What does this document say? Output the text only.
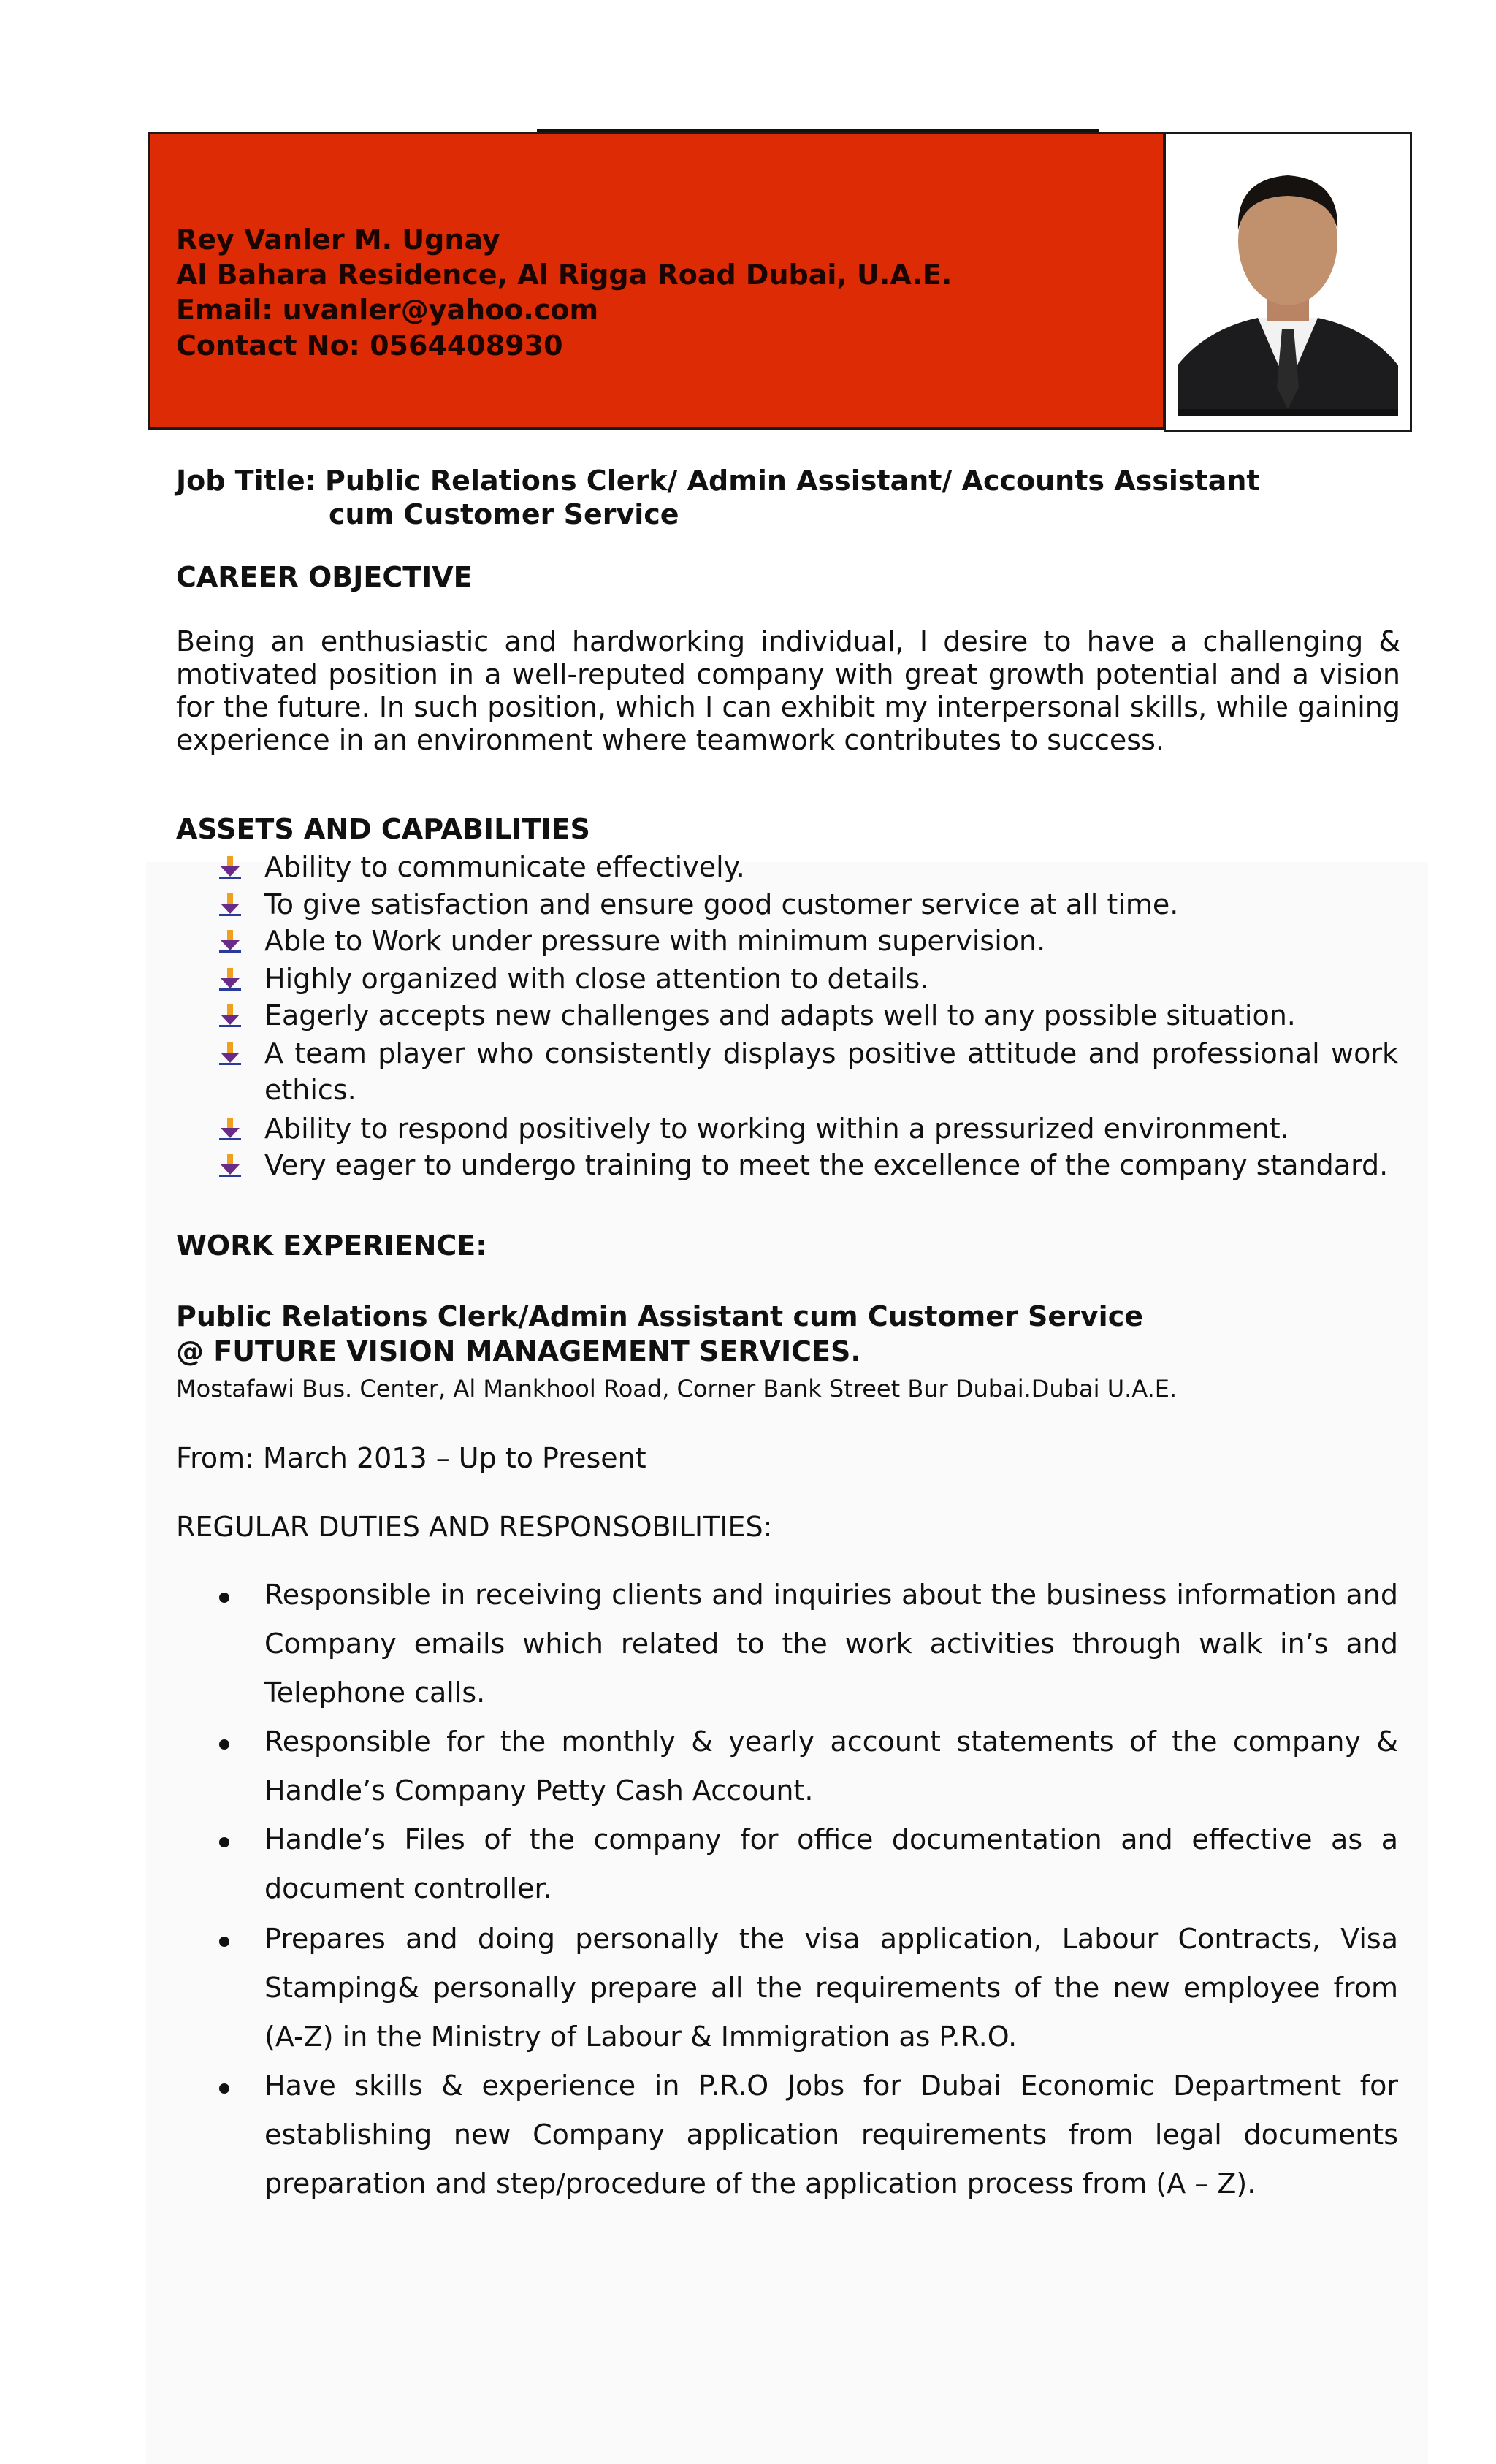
Rey Vanler M. Ugnay
Al Bahara Residence, Al Rigga Road Dubai, U.A.E.
Email: uvanler@yahoo.com
Contact No: 0564408930
Job Title: Public Relations Clerk/ Admin Assistant/ Accounts Assistant
cum Customer Service
CAREER OBJECTIVE
Being an enthusiastic and hardworking individual, I desire to have a challenging & motivated position in a well-reputed company with great growth potential and a vision for the future. In such position, which I can exhibit my interpersonal skills, while gaining experience in an environment where teamwork contributes to success.
ASSETS AND CAPABILITIES
Ability to communicate effectively.
To give satisfaction and ensure good customer service at all time.
Able to Work under pressure with minimum supervision.
Highly organized with close attention to details.
Eagerly accepts new challenges and adapts well to any possible situation.
A team player who consistently displays positive attitude and professional work ethics.
Ability to respond positively to working within a pressurized environment.
Very eager to undergo training to meet the excellence of the company standard.
WORK EXPERIENCE:
Public Relations Clerk/Admin Assistant cum Customer Service
@ FUTURE VISION MANAGEMENT SERVICES.
Mostafawi Bus. Center, Al Mankhool Road, Corner Bank Street Bur Dubai.Dubai U.A.E.
From: March 2013 – Up to Present
REGULAR DUTIES AND RESPONSOBILITIES:
Responsible in receiving clients and inquiries about the business information and Company emails which related to the work activities through walk in’s and Telephone calls.
Responsible for the monthly & yearly account statements of the company & Handle’s Company Petty Cash Account.
Handle’s Files of the company for office documentation and effective as a document controller.
Prepares and doing personally the visa application, Labour Contracts, Visa Stamping& personally prepare all the requirements of the new employee from (A-Z) in the Ministry of Labour & Immigration as P.R.O.
Have skills & experience in P.R.O Jobs for Dubai Economic Department for establishing new Company application requirements from legal documents preparation and step/procedure of the application process from (A – Z).
